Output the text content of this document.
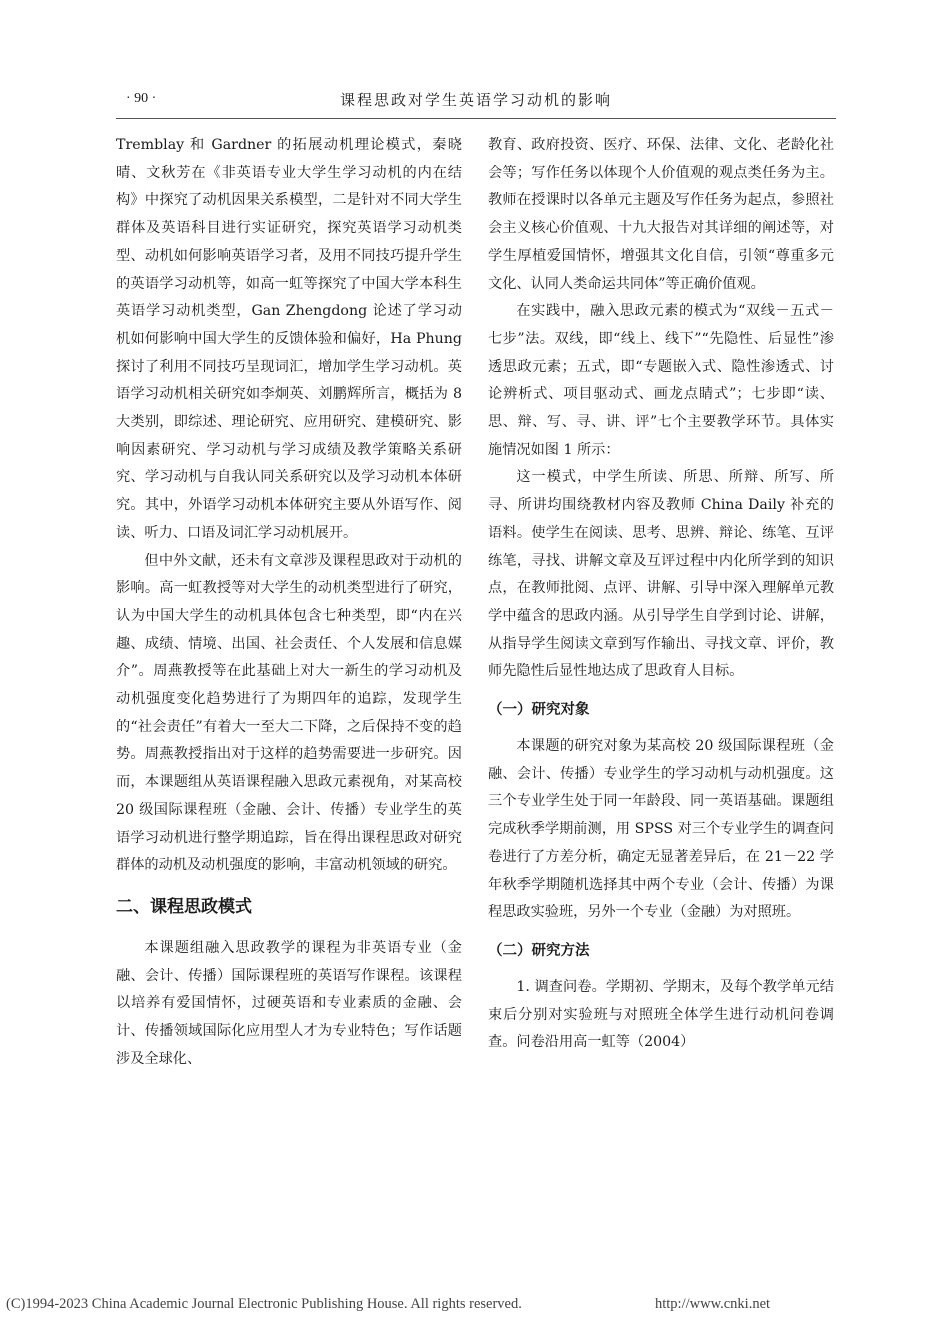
· 90 ·	课程思政对学生英语学习动机的影响

Tremblay 和 Gardner 的拓展动机理论模式，秦晓晴、文秋芳在《非英语专业大学生学习动机的内在结构》中探究了动机因果关系模型，二是针对不同大学生群体及英语科目进行实证研究，探究英语学习动机类型、动机如何影响英语学习者，及用不同技巧提升学生的英语学习动机等，如高一虹等探究了中国大学本科生英语学习动机类型，Gan Zhengdong 论述了学习动机如何影响中国大学生的反馈体验和偏好，Ha Phung 探讨了利用不同技巧呈现词汇，增加学生学习动机。英语学习动机相关研究如李炯英、刘鹏辉所言，概括为 8 大类别，即综述、理论研究、应用研究、建模研究、影响因素研究、学习动机与学习成绩及教学策略关系研究、学习动机与自我认同关系研究以及学习动机本体研究。其中，外语学习动机本体研究主要从外语写作、阅读、听力、口语及词汇学习动机展开。

但中外文献，还未有文章涉及课程思政对于动机的影响。高一虹教授等对大学生的动机类型进行了研究，认为中国大学生的动机具体包含七种类型，即“内在兴趣、成绩、情境、出国、社会责任、个人发展和信息媒介”。周燕教授等在此基础上对大一新生的学习动机及动机强度变化趋势进行了为期四年的追踪，发现学生的“社会责任”有着大一至大二下降，之后保持不变的趋势。周燕教授指出对于这样的趋势需要进一步研究。因而，本课题组从英语课程融入思政元素视角，对某高校 20 级国际课程班（金融、会计、传播）专业学生的英语学习动机进行整学期追踪，旨在得出课程思政对研究群体的动机及动机强度的影响，丰富动机领域的研究。

二、课程思政模式

本课题组融入思政教学的课程为非英语专业（金融、会计、传播）国际课程班的英语写作课程。该课程以培养有爱国情怀，过硬英语和专业素质的金融、会计、传播领域国际化应用型人才为专业特色；写作话题涉及全球化、

教育、政府投资、医疗、环保、法律、文化、老龄化社会等；写作任务以体现个人价值观的观点类任务为主。教师在授课时以各单元主题及写作任务为起点，参照社会主义核心价值观、十九大报告对其详细的阐述等，对学生厚植爱国情怀，增强其文化自信，引领“尊重多元文化、认同人类命运共同体”等正确价值观。

在实践中，融入思政元素的模式为“双线－五式－七步”法。双线，即“线上、线下”“先隐性、后显性”渗透思政元素；五式，即“专题嵌入式、隐性渗透式、讨论辨析式、项目驱动式、画龙点睛式”；七步即“读、思、辩、写、寻、讲、评”七个主要教学环节。具体实施情况如图 1 所示：

这一模式，中学生所读、所思、所辩、所写、所寻、所讲均围绕教材内容及教师 China Daily 补充的语料。使学生在阅读、思考、思辨、辩论、练笔、互评练笔，寻找、讲解文章及互评过程中内化所学到的知识点，在教师批阅、点评、讲解、引导中深入理解单元教学中蕴含的思政内涵。从引导学生自学到讨论、讲解，从指导学生阅读文章到写作输出、寻找文章、评价，教师先隐性后显性地达成了思政育人目标。

（一）研究对象

本课题的研究对象为某高校 20 级国际课程班（金融、会计、传播）专业学生的学习动机与动机强度。这三个专业学生处于同一年龄段、同一英语基础。课题组完成秋季学期前测，用 SPSS 对三个专业学生的调查问卷进行了方差分析，确定无显著差异后，在 21－22 学年秋季学期随机选择其中两个专业（会计、传播）为课程思政实验班，另外一个专业（金融）为对照班。

（二）研究方法

1. 调查问卷。学期初、学期末，及每个教学单元结束后分别对实验班与对照班全体学生进行动机问卷调查。问卷沿用高一虹等（2004）

(C)1994-2023 China Academic Journal Electronic Publishing House. All rights reserved.	http://www.cnki.net
